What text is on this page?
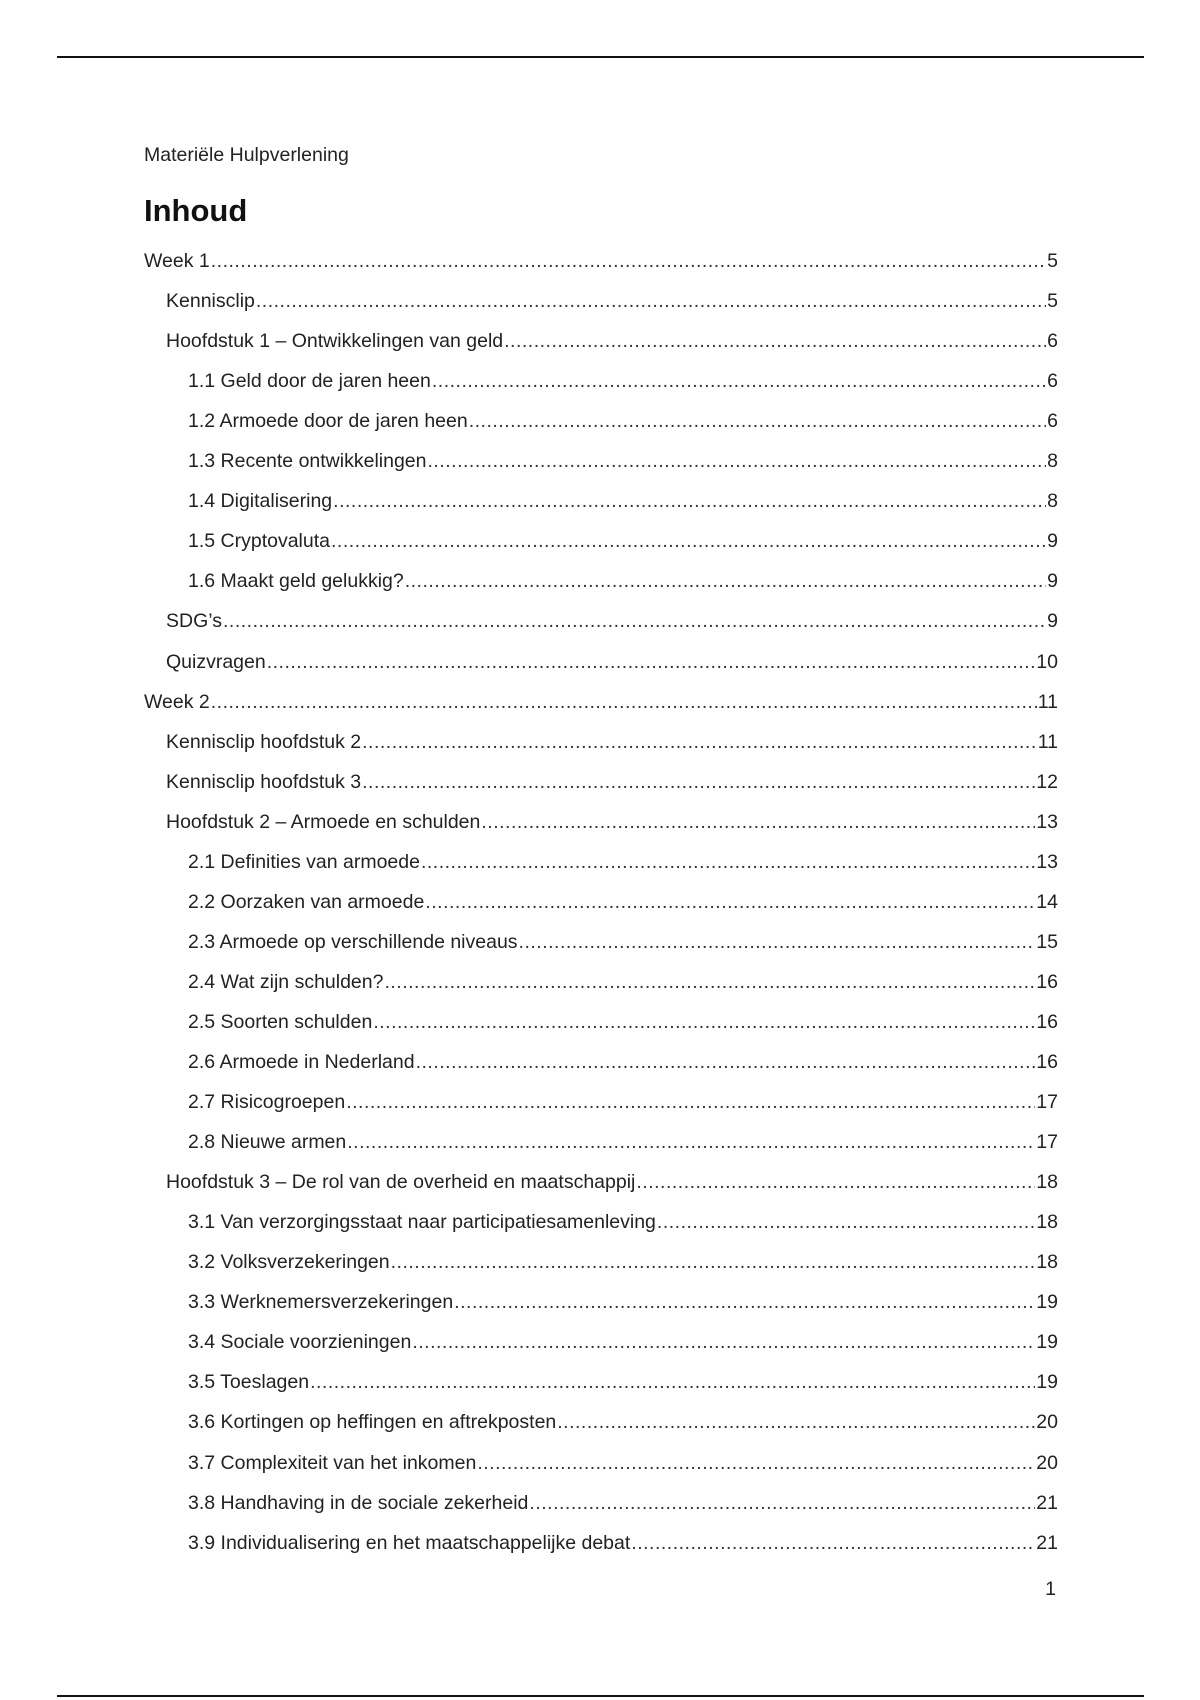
Materiële Hulpverlening
Inhoud
Week 1 .....	5
Kennisclip .....	5
Hoofdstuk 1 – Ontwikkelingen van geld .....	6
1.1 Geld door de jaren heen .....	6
1.2 Armoede door de jaren heen .....	6
1.3 Recente ontwikkelingen .....	8
1.4 Digitalisering .....	8
1.5 Cryptovaluta .....	9
1.6 Maakt geld gelukkig? .....	9
SDG’s .....	9
Quizvragen .....	10
Week 2 .....	11
Kennisclip hoofdstuk 2 .....	11
Kennisclip hoofdstuk 3 .....	12
Hoofdstuk 2 – Armoede en schulden .....	13
2.1 Definities van armoede .....	13
2.2 Oorzaken van armoede .....	14
2.3 Armoede op verschillende niveaus .....	15
2.4 Wat zijn schulden? .....	16
2.5 Soorten schulden .....	16
2.6 Armoede in Nederland .....	16
2.7 Risicogroepen .....	17
2.8 Nieuwe armen .....	17
Hoofdstuk 3 – De rol van de overheid en maatschappij .....	18
3.1 Van verzorgingsstaat naar participatiesamenleving .....	18
3.2 Volksverzekeringen .....	18
3.3 Werknemersverzekeringen .....	19
3.4 Sociale voorzieningen .....	19
3.5 Toeslagen .....	19
3.6 Kortingen op heffingen en aftrekposten .....	20
3.7 Complexiteit van het inkomen .....	20
3.8 Handhaving in de sociale zekerheid .....	21
3.9 Individualisering en het maatschappelijke debat .....	21
1
